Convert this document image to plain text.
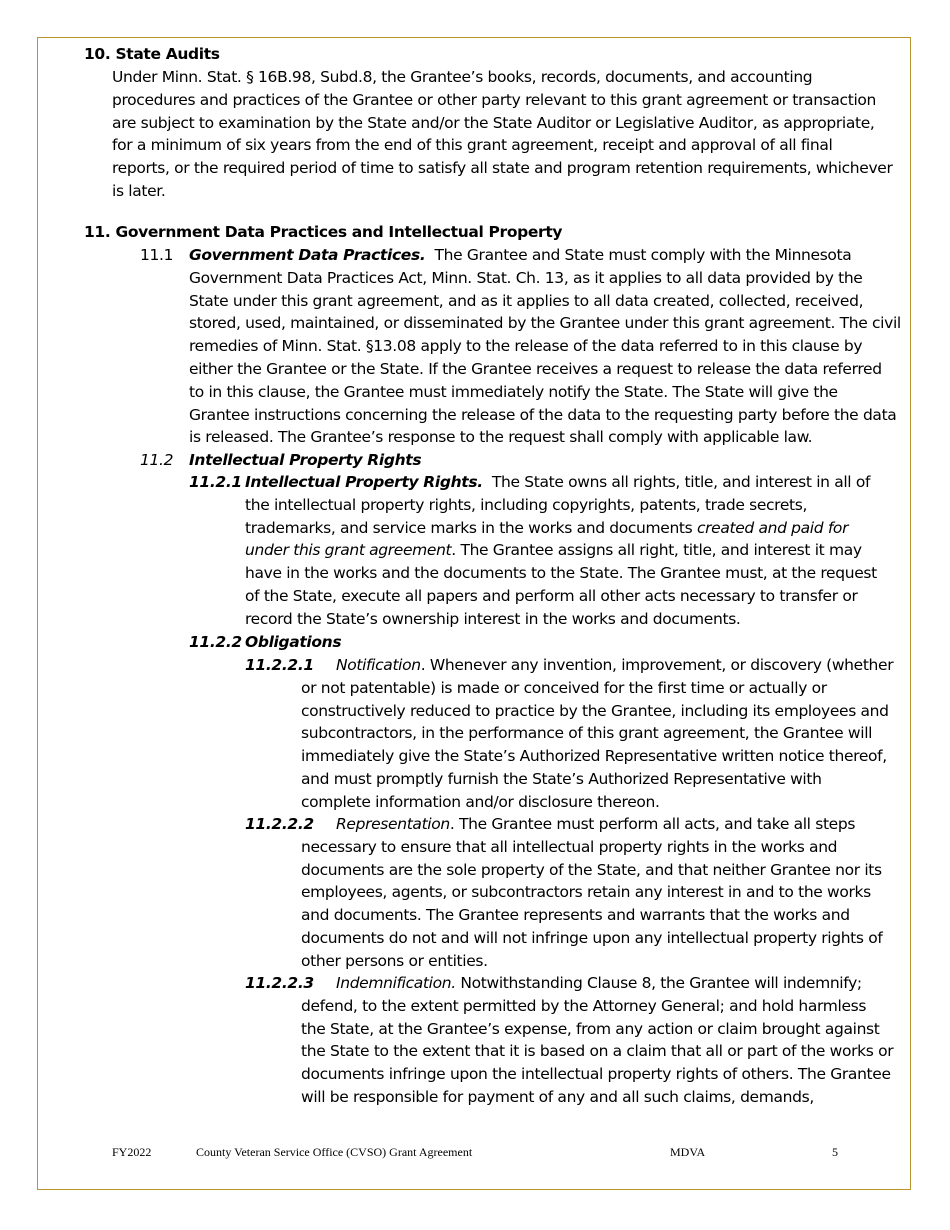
10. State Audits
Under Minn. Stat. § 16B.98, Subd.8, the Grantee’s books, records, documents, and accounting procedures and practices of the Grantee or other party relevant to this grant agreement or transaction are subject to examination by the State and/or the State Auditor or Legislative Auditor, as appropriate, for a minimum of six years from the end of this grant agreement, receipt and approval of all final reports, or the required period of time to satisfy all state and program retention requirements, whichever is later.
11. Government Data Practices and Intellectual Property
11.1 Government Data Practices. The Grantee and State must comply with the Minnesota Government Data Practices Act, Minn. Stat. Ch. 13, as it applies to all data provided by the State under this grant agreement, and as it applies to all data created, collected, received, stored, used, maintained, or disseminated by the Grantee under this grant agreement. The civil remedies of Minn. Stat. §13.08 apply to the release of the data referred to in this clause by either the Grantee or the State. If the Grantee receives a request to release the data referred to in this clause, the Grantee must immediately notify the State. The State will give the Grantee instructions concerning the release of the data to the requesting party before the data is released. The Grantee’s response to the request shall comply with applicable law.
11.2 Intellectual Property Rights
11.2.1 Intellectual Property Rights. The State owns all rights, title, and interest in all of the intellectual property rights, including copyrights, patents, trade secrets, trademarks, and service marks in the works and documents created and paid for under this grant agreement. The Grantee assigns all right, title, and interest it may have in the works and the documents to the State. The Grantee must, at the request of the State, execute all papers and perform all other acts necessary to transfer or record the State’s ownership interest in the works and documents.
11.2.2 Obligations
11.2.2.1	Notification. Whenever any invention, improvement, or discovery (whether or not patentable) is made or conceived for the first time or actually or constructively reduced to practice by the Grantee, including its employees and subcontractors, in the performance of this grant agreement, the Grantee will immediately give the State’s Authorized Representative written notice thereof, and must promptly furnish the State’s Authorized Representative with complete information and/or disclosure thereon.
11.2.2.2	Representation. The Grantee must perform all acts, and take all steps necessary to ensure that all intellectual property rights in the works and documents are the sole property of the State, and that neither Grantee nor its employees, agents, or subcontractors retain any interest in and to the works and documents. The Grantee represents and warrants that the works and documents do not and will not infringe upon any intellectual property rights of other persons or entities.
11.2.2.3	Indemnification. Notwithstanding Clause 8, the Grantee will indemnify; defend, to the extent permitted by the Attorney General; and hold harmless the State, at the Grantee’s expense, from any action or claim brought against the State to the extent that it is based on a claim that all or part of the works or documents infringe upon the intellectual property rights of others. The Grantee will be responsible for payment of any and all such claims, demands,
FY2022	County Veteran Service Office (CVSO) Grant Agreement	MDVA	5
